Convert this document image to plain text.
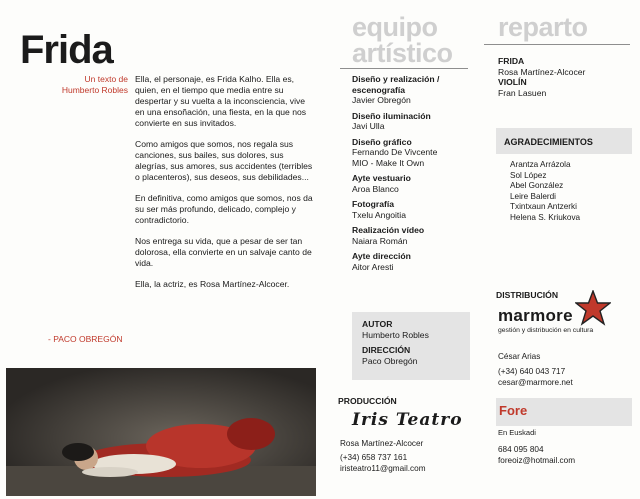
Frida
Un texto de
Humberto Robles

Ella, el personaje, es Frida Kalho. Ella es, quien, en el tiempo que media entre su despertar y su vuelta a la inconsciencia, vive en una ensoñación, una fiesta, en la que nos convierte en sus invitados.

Como amigos que somos, nos regala sus canciones, sus bailes, sus dolores, sus alegrías, sus amores, sus accidentes (terribles o placenteros), sus deseos, sus debilidades...

En definitiva, como amigos que somos, nos da su ser más profundo, delicado, complejo y contradictorio.

Nos entrega su vida, que a pesar de ser tan dolorosa, ella convierte en un salvaje canto de vida.

Ella, la actriz, es Rosa Martínez-Alcocer.

- PACO OBREGÓN
equipo
artístico
Diseño y realización / escenografía
Javier Obregón
Diseño iluminación
Javi Ulla
Diseño gráfico
Fernando De Vivcente
MIO - Make It Own
Ayte vestuario
Aroa Blanco
Fotografía
Txelu Angoitia
Realización vídeo
Naiara Román
Ayte dirección
Aitor Aresti
AUTOR
Humberto Robles
DIRECCIÓN
Paco Obregón
PRODUCCIÓN
Iris Teatro
Rosa Martínez-Alcocer
(+34) 658 737 161
iristeatro11@gmail.com
reparto
FRIDA
Rosa Martínez-Alcocer
VIOLÍN
Fran Lasuen
AGRADECIMIENTOS
Arantza Arrázola
Sol López
Abel González
Leire Balerdi
Txintxaun Antzerki
Helena S. Kriukova
DISTRIBUCIÓN
marmore
gestión y distribución en cultura
César Arias
(+34) 640 043 717
cesar@marmore.net
Fore
En Euskadi
684 095 804
foreoiz@hotmail.com
